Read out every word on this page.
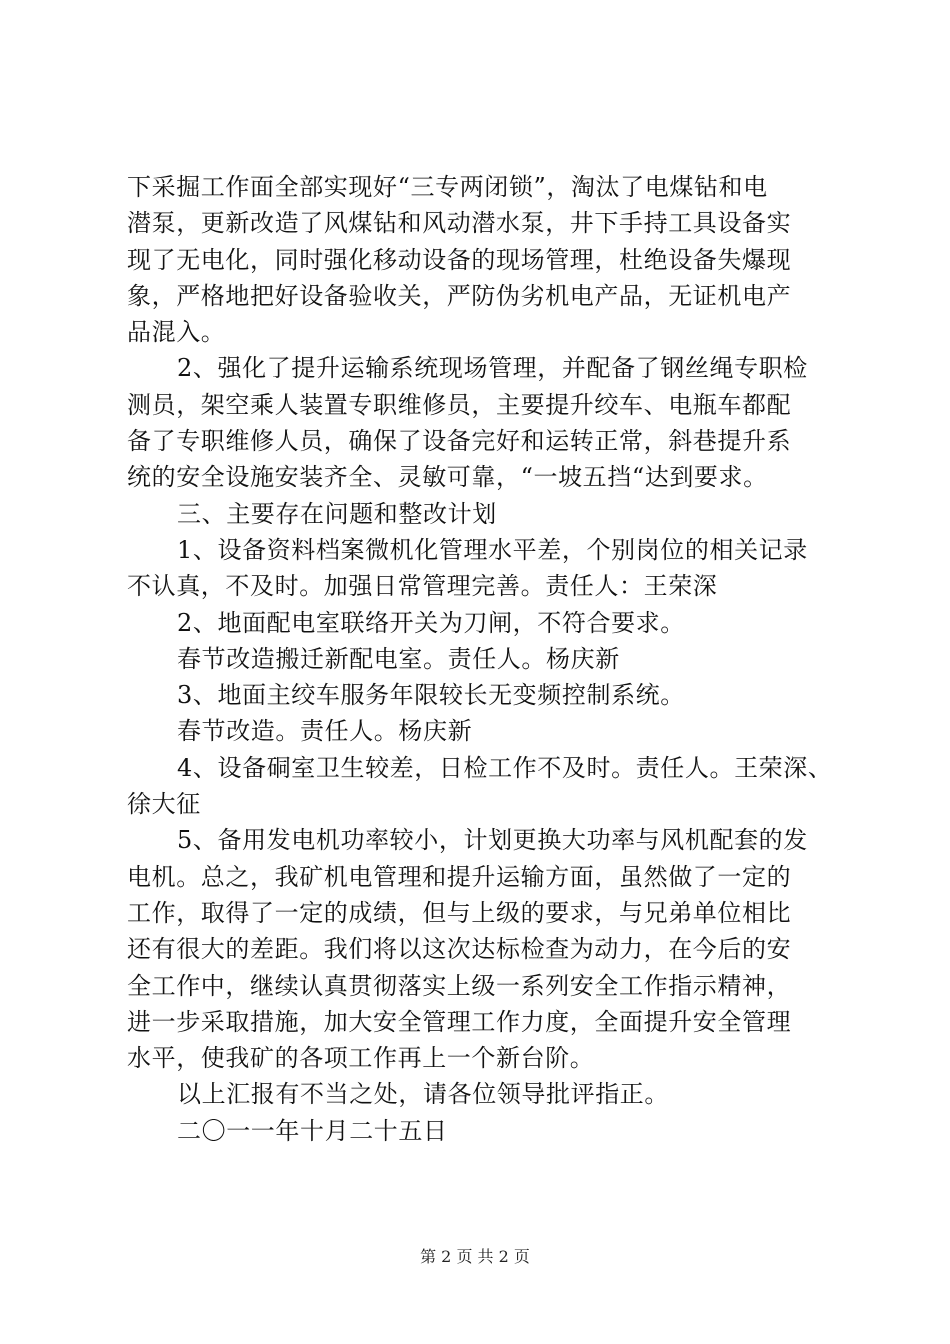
下采掘工作面全部实现好“三专两闭锁”，淘汰了电煤钻和电
潜泵，更新改造了风煤钻和风动潜水泵，井下手持工具设备实
现了无电化，同时强化移动设备的现场管理，杜绝设备失爆现
象，严格地把好设备验收关，严防伪劣机电产品，无证机电产
品混入。
2、强化了提升运输系统现场管理，并配备了钢丝绳专职检
测员，架空乘人装置专职维修员，主要提升绞车、电瓶车都配
备了专职维修人员，确保了设备完好和运转正常，斜巷提升系
统的安全设施安装齐全、灵敏可靠，“一坡五挡“达到要求。
三、主要存在问题和整改计划
1、设备资料档案微机化管理水平差，个别岗位的相关记录
不认真，不及时。加强日常管理完善。责任人：王荣深
2、地面配电室联络开关为刀闸，不符合要求。
春节改造搬迁新配电室。责任人。杨庆新
3、地面主绞车服务年限较长无变频控制系统。
春节改造。责任人。杨庆新
4、设备硐室卫生较差，日检工作不及时。责任人。王荣深、
徐大征
5、备用发电机功率较小，计划更换大功率与风机配套的发
电机。总之，我矿机电管理和提升运输方面，虽然做了一定的
工作，取得了一定的成绩，但与上级的要求，与兄弟单位相比
还有很大的差距。我们将以这次达标检查为动力，在今后的安
全工作中，继续认真贯彻落实上级一系列安全工作指示精神，
进一步采取措施，加大安全管理工作力度，全面提升安全管理
水平，使我矿的各项工作再上一个新台阶。
以上汇报有不当之处，请各位领导批评指正。
二〇一一年十月二十五日
第 2 页 共 2 页
